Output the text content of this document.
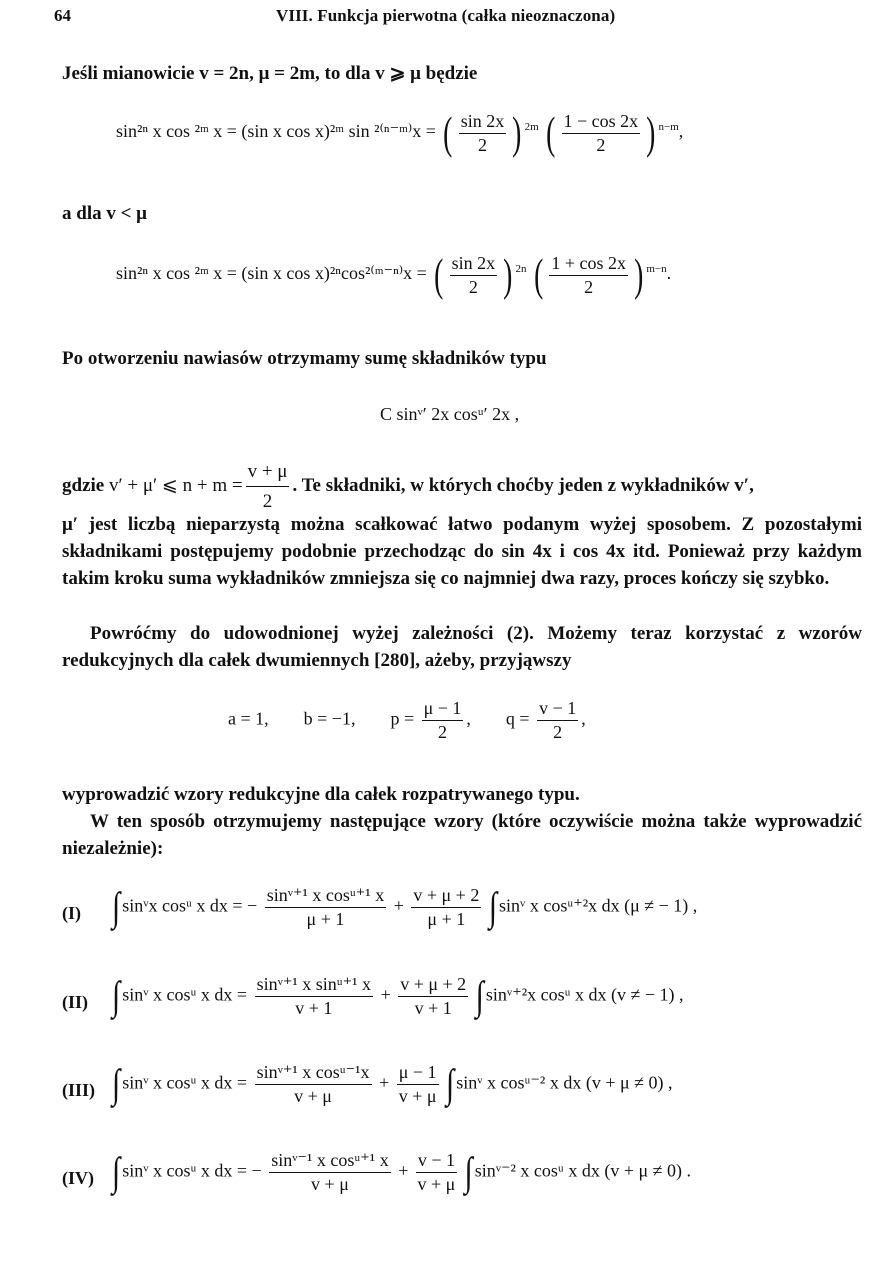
64	VIII. Funkcja pierwotna (całka nieoznaczona)
Jeśli mianowicie v = 2n, μ = 2m, to dla v ⩾ μ będzie
sin²ⁿ x cos ²ᵐ x = (sin x cos x)²ᵐ sin ²⁽ⁿ⁻ᵐ⁾x = ( $\frac{\sin 2x}{2}$ ) $^{2m}$ ( $\frac{1 - \cos 2x}{2}$ ) $^{n-m}$,
a dla v < μ
sin²ⁿ x cos ²ᵐ x = (sin x cos x)²ⁿcos²⁽ᵐ⁻ⁿ⁾x = ( $\frac{\sin 2x}{2}$ ) $^{2n}$ ( $\frac{1 + \cos 2x}{2}$ ) $^{m-n}$.
Po otworzeniu nawiasów otrzymamy sumę składników typu
C sinᵛ′ 2x cosᵘ′ 2x ,
gdzie v′ + μ′ ⩽ $n + m = \frac{v + \mu}{2}$ . Te składniki, w których choćby jeden z wykładników v′,
μ′ jest liczbą nieparzystą można scałkować łatwo podanym wyżej sposobem. Z pozostałymi składnikami postępujemy podobnie przechodząc do sin 4x i cos 4x itd. Ponieważ przy każdym takim kroku suma wykładników zmniejsza się co najmniej dwa razy, proces kończy się szybko.
Powróćmy do udowodnionej wyżej zależności (2). Możemy teraz korzystać z wzorów redukcyjnych dla całek dwumiennych [280], ażeby, przyjąwszy
a = 1, b = −1, $p = \frac{\mu - 1}{2}$ , $q = \frac{v - 1}{2}$ ,
wyprowadzić wzory redukcyjne dla całek rozpatrywanego typu.
W ten sposób otrzymujemy następujące wzory (które oczywiście można także wyprowadzić niezależnie):
(I) ∫ sinᵛx cosᵘ x dx = − $\frac{\text{sinᵛ⁺¹ x cosᵘ⁺¹ x}}{\mu + 1} + \frac{v + \mu + 2}{\mu + 1}$ ∫ sinᵛ x cosᵘ⁺²x dx (μ ≠ − 1) ,
(II) ∫ sinᵛ x cosᵘ x dx = $\frac{\text{sinᵛ⁺¹ x sinᵘ⁺¹ x}}{v + 1} + \frac{v + \mu + 2}{v + 1}$ ∫ sinᵛ⁺²x cosᵘ x dx (v ≠ − 1) ,
(III) ∫ sinᵛ x cosᵘ x dx = $\frac{\text{sinᵛ⁺¹ x cosᵘ⁻¹x}}{v + \mu} + \frac{\mu - 1}{v + \mu}$ ∫ sinᵛ x cosᵘ⁻² x dx (v + μ ≠ 0) ,
(IV) ∫ sinᵛ x cosᵘ x dx = − $\frac{\text{sinᵛ⁻¹ x cosᵘ⁺¹ x}}{v + \mu} + \frac{v - 1}{v + \mu}$ ∫ sinᵛ⁻² x cosᵘ x dx (v + μ ≠ 0) .
